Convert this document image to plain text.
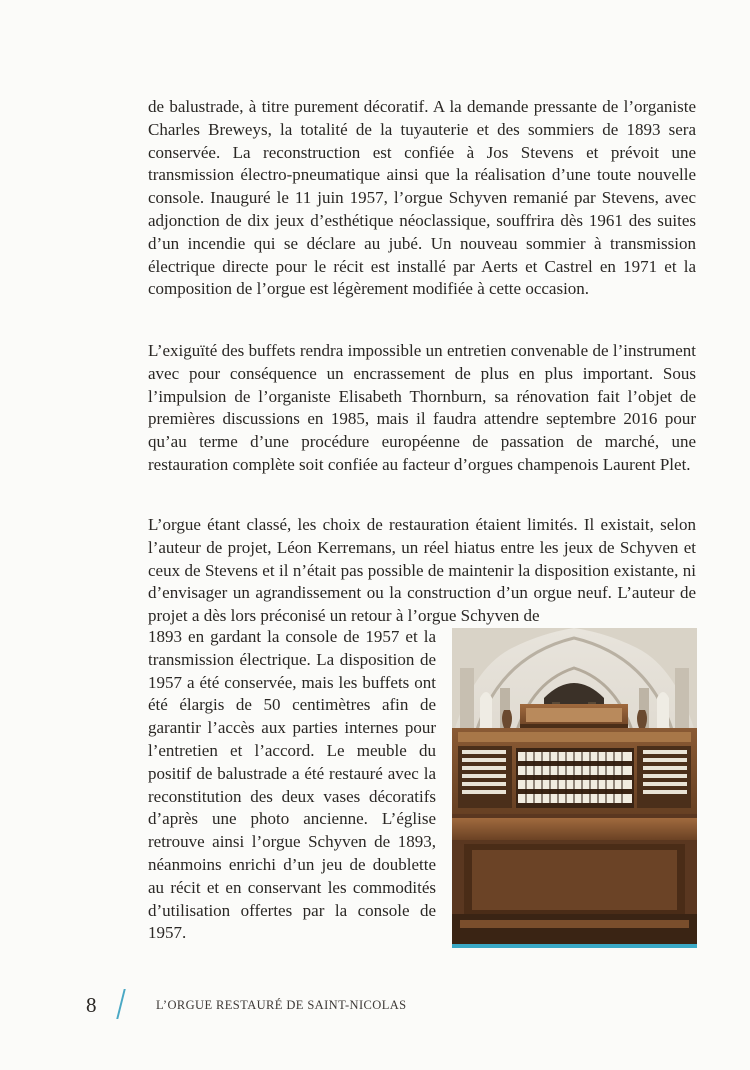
de balustrade, à titre purement décoratif. A la demande pressante de l’organiste Charles Breweys, la totalité de la tuyauterie et des sommiers de 1893 sera conservée. La reconstruction est confiée à Jos Stevens et prévoit une transmission électro-pneumatique ainsi que la réalisation d’une toute nouvelle console. Inauguré le 11 juin 1957, l’orgue Schyven remanié par Stevens, avec adjonction de dix jeux d’esthétique néoclassique, souffrira dès 1961 des suites d’un incendie qui se déclare au jubé. Un nouveau sommier à transmission électrique directe pour le récit est installé par Aerts et Castrel en 1971 et la composition de l’orgue est légèrement modifiée à cette occasion.
L’exiguïté des buffets rendra impossible un entretien convenable de l’instrument avec pour conséquence un encrassement de plus en plus important. Sous l’impulsion de l’organiste Elisabeth Thornburn, sa rénovation fait l’objet de premières discussions en 1985, mais il faudra attendre septembre 2016 pour qu’au terme d’une procédure européenne de passation de marché, une restauration complète soit confiée au facteur d’orgues champenois Laurent Plet.
L’orgue étant classé, les choix de restauration étaient limités. Il existait, selon l’auteur de projet, Léon Kerremans, un réel hiatus entre les jeux de Schyven et ceux de Stevens et il n’était pas possible de maintenir la disposition existante, ni d’envisager un agrandissement ou la construction d’un orgue neuf. L’auteur de projet a dès lors préconisé un retour à l’orgue Schyven de
1893 en gardant la console de 1957 et la transmission électrique. La disposition de 1957 a été conservée, mais les buffets ont été élargis de 50 centimètres afin de garantir l’accès aux parties internes pour l’entretien et l’accord. Le meuble du positif de balustrade a été restauré avec la reconstitution des deux vases décoratifs d’après une photo ancienne. L’église retrouve ainsi l’orgue Schyven de 1893, néanmoins enrichi d’un jeu de doublette au récit et en conservant les commodités d’utilisation offertes par la console de 1957.
8	L’ORGUE RESTAURÉ DE SAINT-NICOLAS
